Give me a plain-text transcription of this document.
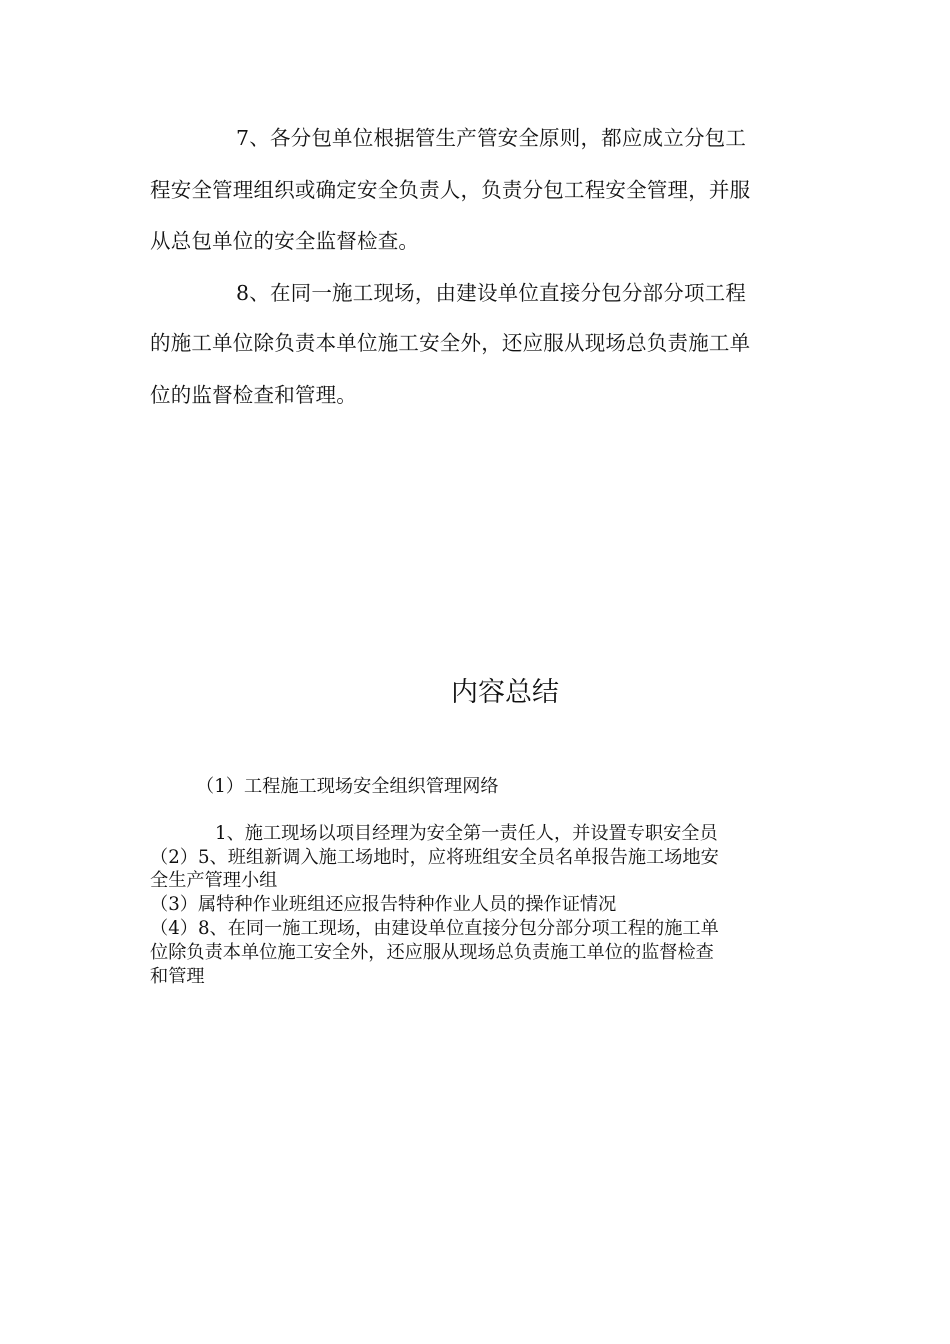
7、各分包单位根据管生产管安全原则，都应成立分包工
程安全管理组织或确定安全负责人，负责分包工程安全管理，并服
从总包单位的安全监督检查。
8、在同一施工现场，由建设单位直接分包分部分项工程
的施工单位除负责本单位施工安全外，还应服从现场总负责施工单
位的监督检查和管理。
内容总结
（1）工程施工现场安全组织管理网络
1、施工现场以项目经理为安全第一责任人，并设置专职安全员
（2）5、班组新调入施工场地时，应将班组安全员名单报告施工场地安
全生产管理小组
（3）属特种作业班组还应报告特种作业人员的操作证情况
（4）8、在同一施工现场，由建设单位直接分包分部分项工程的施工单
位除负责本单位施工安全外，还应服从现场总负责施工单位的监督检查
和管理
